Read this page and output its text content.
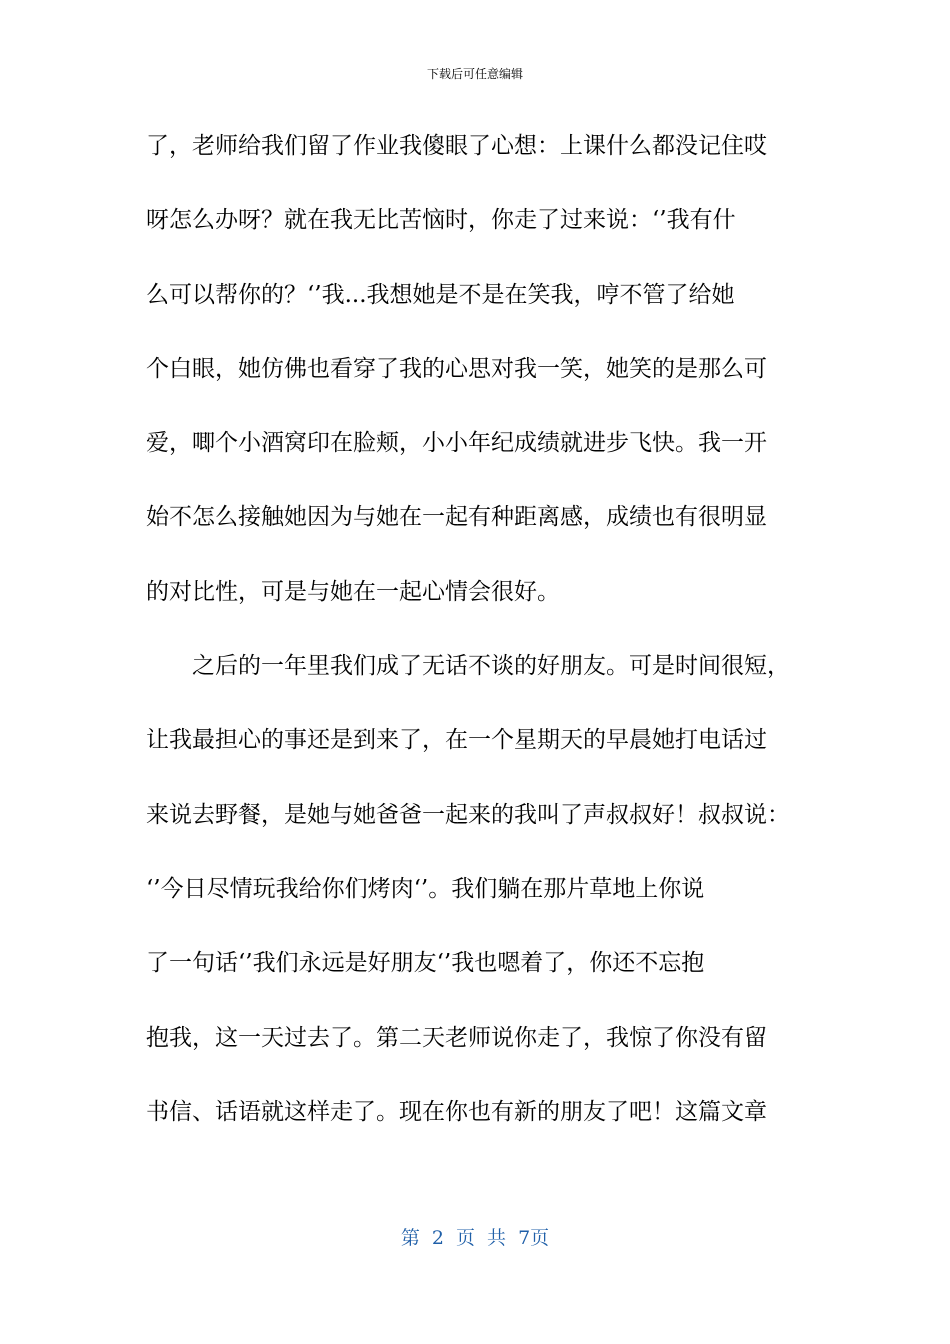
下载后可任意编辑
了，老师给我们留了作业我傻眼了心想：上课什么都没记住哎
呀怎么办呀？就在我无比苦恼时，你走了过来说：‘’我有什
么可以帮你的？‘’我...我想她是不是在笑我，哼不管了给她
个白眼，她仿佛也看穿了我的心思对我一笑，她笑的是那么可
爱，唧个小酒窝印在脸颊，小小年纪成绩就进步飞快。我一开
始不怎么接触她因为与她在一起有种距离感，成绩也有很明显
的对比性，可是与她在一起心情会很好。
之后的一年里我们成了无话不谈的好朋友。可是时间很短，
让我最担心的事还是到来了，在一个星期天的早晨她打电话过
来说去野餐，是她与她爸爸一起来的我叫了声叔叔好！叔叔说：
‘’今日尽情玩我给你们烤肉‘’。我们躺在那片草地上你说
了一句话‘’我们永远是好朋友‘’我也嗯着了，你还不忘抱
抱我，这一天过去了。第二天老师说你走了，我惊了你没有留
书信、话语就这样走了。现在你也有新的朋友了吧！这篇文章
第 2 页 共 7页
